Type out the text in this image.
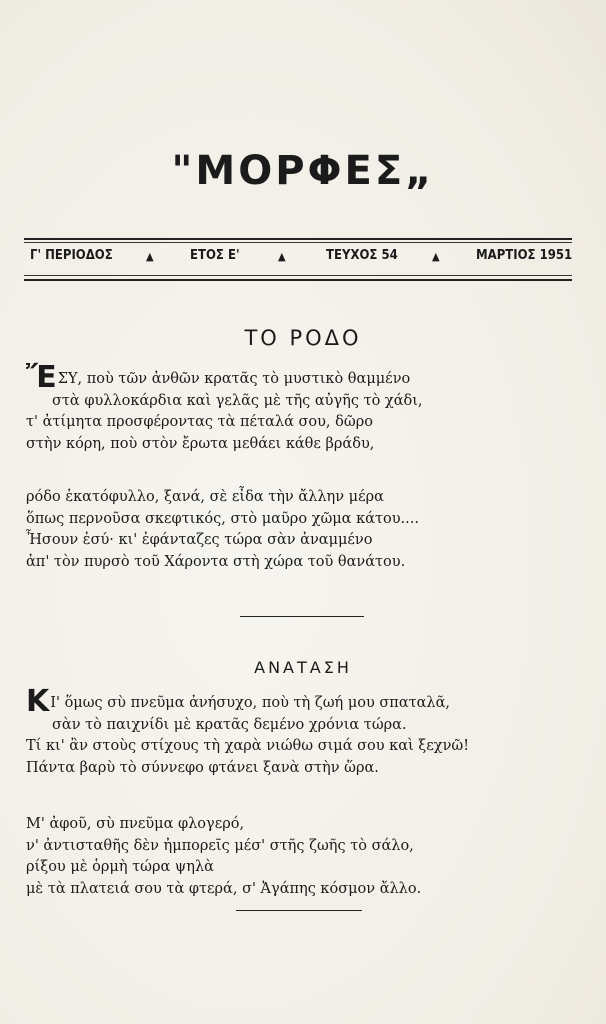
"ΜΟΡΦΕΣ„
Γ' ΠΕΡΙΟΔΟΣ	▲	ΕΤΟΣ Ε'	▲	ΤΕΥΧΟΣ 54	▲	ΜΑΡΤΙΟΣ 1951
ΤΟ ΡΟΔΟ
ἜΣΥ, ποὺ τῶν ἀνθῶν κρατᾶς τὸ μυστικὸ θαμμένο
στὰ φυλλοκάρδια καὶ γελᾶς μὲ τῆς αὐγῆς τὸ χάδι,
τ' ἀτίμητα προσφέροντας τὰ πέταλά σου, δῶρο
στὴν κόρη, ποὺ στὸν ἔρωτα μεθάει κάθε βράδυ,
ρόδο ἑκατόφυλλο, ξανά, σὲ εἶδα τὴν ἄλλην μέρα
ὅπως περνοῦσα σκεφτικός, στὸ μαῦρο χῶμα κάτου....
Ἦσουν ἐσύ· κι' ἐφάνταζες τώρα σὰν ἀναμμένο
ἀπ' τὸν πυρσὸ τοῦ Χάροντα στὴ χώρα τοῦ θανάτου.
ΑΝΑΤΑΣΗ
ΚΙ' ὅμως σὺ πνεῦμα ἀνήσυχο, ποὺ τὴ ζωή μου σπαταλᾶ,
σὰν τὸ παιχνίδι μὲ κρατᾶς δεμένο χρόνια τώρα.
Τί κι' ἂν στοὺς στίχους τὴ χαρὰ νιώθω σιμά σου καὶ ξεχνῶ!
Πάντα βαρὺ τὸ σύννεφο φτάνει ξανὰ στὴν ὥρα.
Μ' ἀφοῦ, σὺ πνεῦμα φλογερό,
ν' ἀντισταθῆς δὲν ἠμπορεῖς μέσ' στῆς ζωῆς τὸ σάλο,
ρίξου μὲ ὁρμὴ τώρα ψηλὰ
μὲ τὰ πλατειά σου τὰ φτερά, σ' Ἀγάπης κόσμον ἄλλο.
